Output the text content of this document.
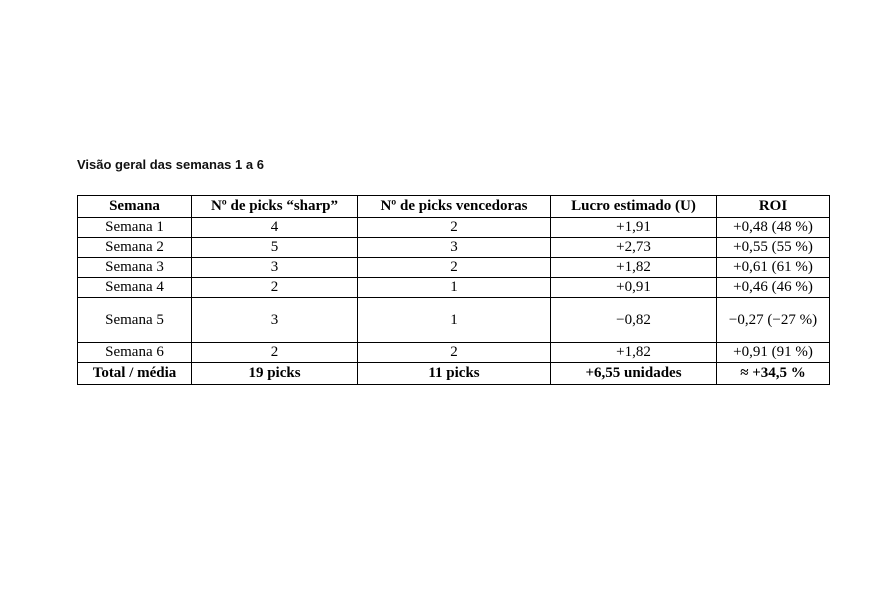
Visão geral das semanas 1 a 6

Semana	Nº de picks “sharp”	Nº de picks vencedoras	Lucro estimado (U)	ROI
Semana 1	4	2	+1,91	+0,48 (48 %)
Semana 2	5	3	+2,73	+0,55 (55 %)
Semana 3	3	2	+1,82	+0,61 (61 %)
Semana 4	2	1	+0,91	+0,46 (46 %)
Semana 5	3	1	−0,82	−0,27 (−27 %)
Semana 6	2	2	+1,82	+0,91 (91 %)
Total / média	19 picks	11 picks	+6,55 unidades	≈ +34,5 %
